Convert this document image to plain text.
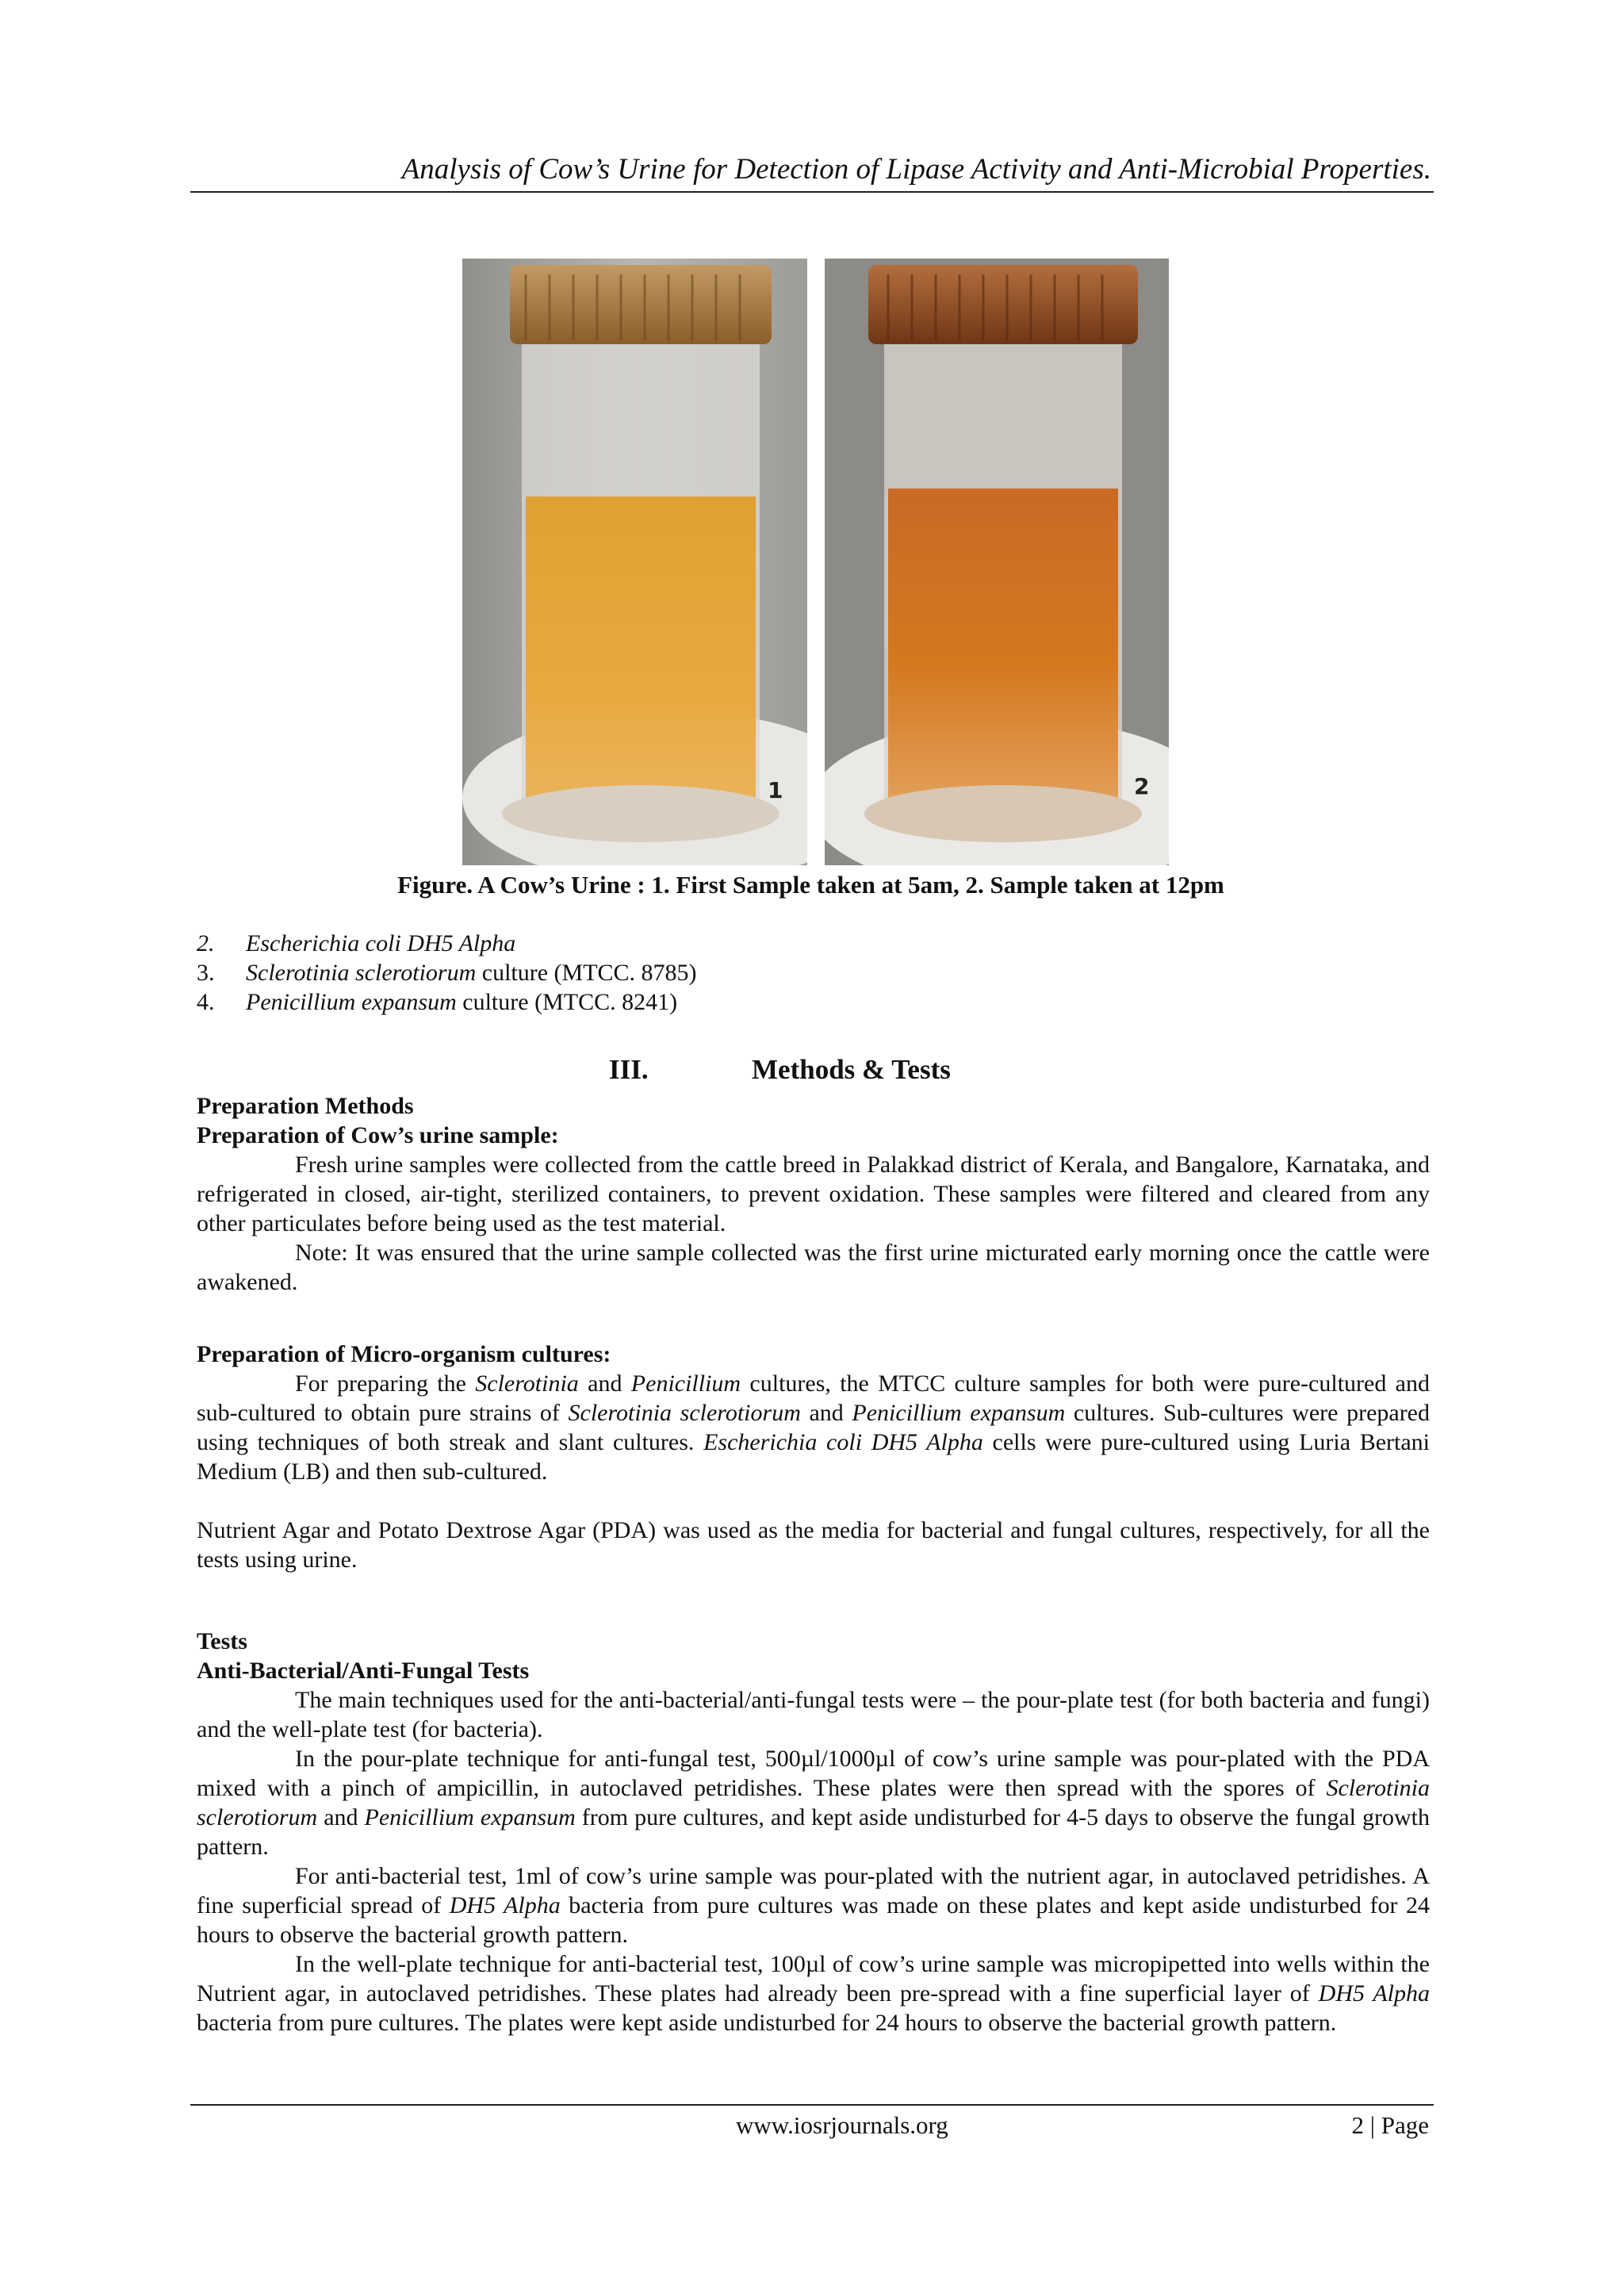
Analysis of Cow’s Urine for Detection of Lipase Activity and Anti-Microbial Properties.
1	2
Figure. A Cow’s Urine : 1. First Sample taken at 5am, 2. Sample taken at 12pm
2.	Escherichia coli DH5 Alpha
3.	Sclerotinia sclerotiorum culture (MTCC. 8785)
4.	Penicillium expansum culture (MTCC. 8241)
III.	Methods & Tests

Preparation Methods

Preparation of Cow’s urine sample:

Fresh urine samples were collected from the cattle breed in Palakkad district of Kerala, and Bangalore, Karnataka, and refrigerated in closed, air-tight, sterilized containers, to prevent oxidation. These samples were filtered and cleared from any other particulates before being used as the test material.

Note: It was ensured that the urine sample collected was the first urine micturated early morning once the cattle were awakened.

Preparation of Micro-organism cultures:

For preparing the Sclerotinia and Penicillium cultures, the MTCC culture samples for both were pure-cultured and sub-cultured to obtain pure strains of Sclerotinia sclerotiorum and Penicillium expansum cultures. Sub-cultures were prepared using techniques of both streak and slant cultures. Escherichia coli DH5 Alpha cells were pure-cultured using Luria Bertani Medium (LB) and then sub-cultured.

Nutrient Agar and Potato Dextrose Agar (PDA) was used as the media for bacterial and fungal cultures, respectively, for all the tests using urine.

Tests

Anti-Bacterial/Anti-Fungal Tests

The main techniques used for the anti-bacterial/anti-fungal tests were – the pour-plate test (for both bacteria and fungi) and the well-plate test (for bacteria).

In the pour-plate technique for anti-fungal test, 500µl/1000µl of cow’s urine sample was pour-plated with the PDA mixed with a pinch of ampicillin, in autoclaved petridishes. These plates were then spread with the spores of Sclerotinia sclerotiorum and Penicillium expansum from pure cultures, and kept aside undisturbed for 4-5 days to observe the fungal growth pattern.

For anti-bacterial test, 1ml of cow’s urine sample was pour-plated with the nutrient agar, in autoclaved petridishes. A fine superficial spread of DH5 Alpha bacteria from pure cultures was made on these plates and kept aside undisturbed for 24 hours to observe the bacterial growth pattern.

In the well-plate technique for anti-bacterial test, 100µl of cow’s urine sample was micropipetted into wells within the Nutrient agar, in autoclaved petridishes. These plates had already been pre-spread with a fine superficial layer of DH5 Alpha bacteria from pure cultures. The plates were kept aside undisturbed for 24 hours to observe the bacterial growth pattern.

www.iosrjournals.org	2 | Page
